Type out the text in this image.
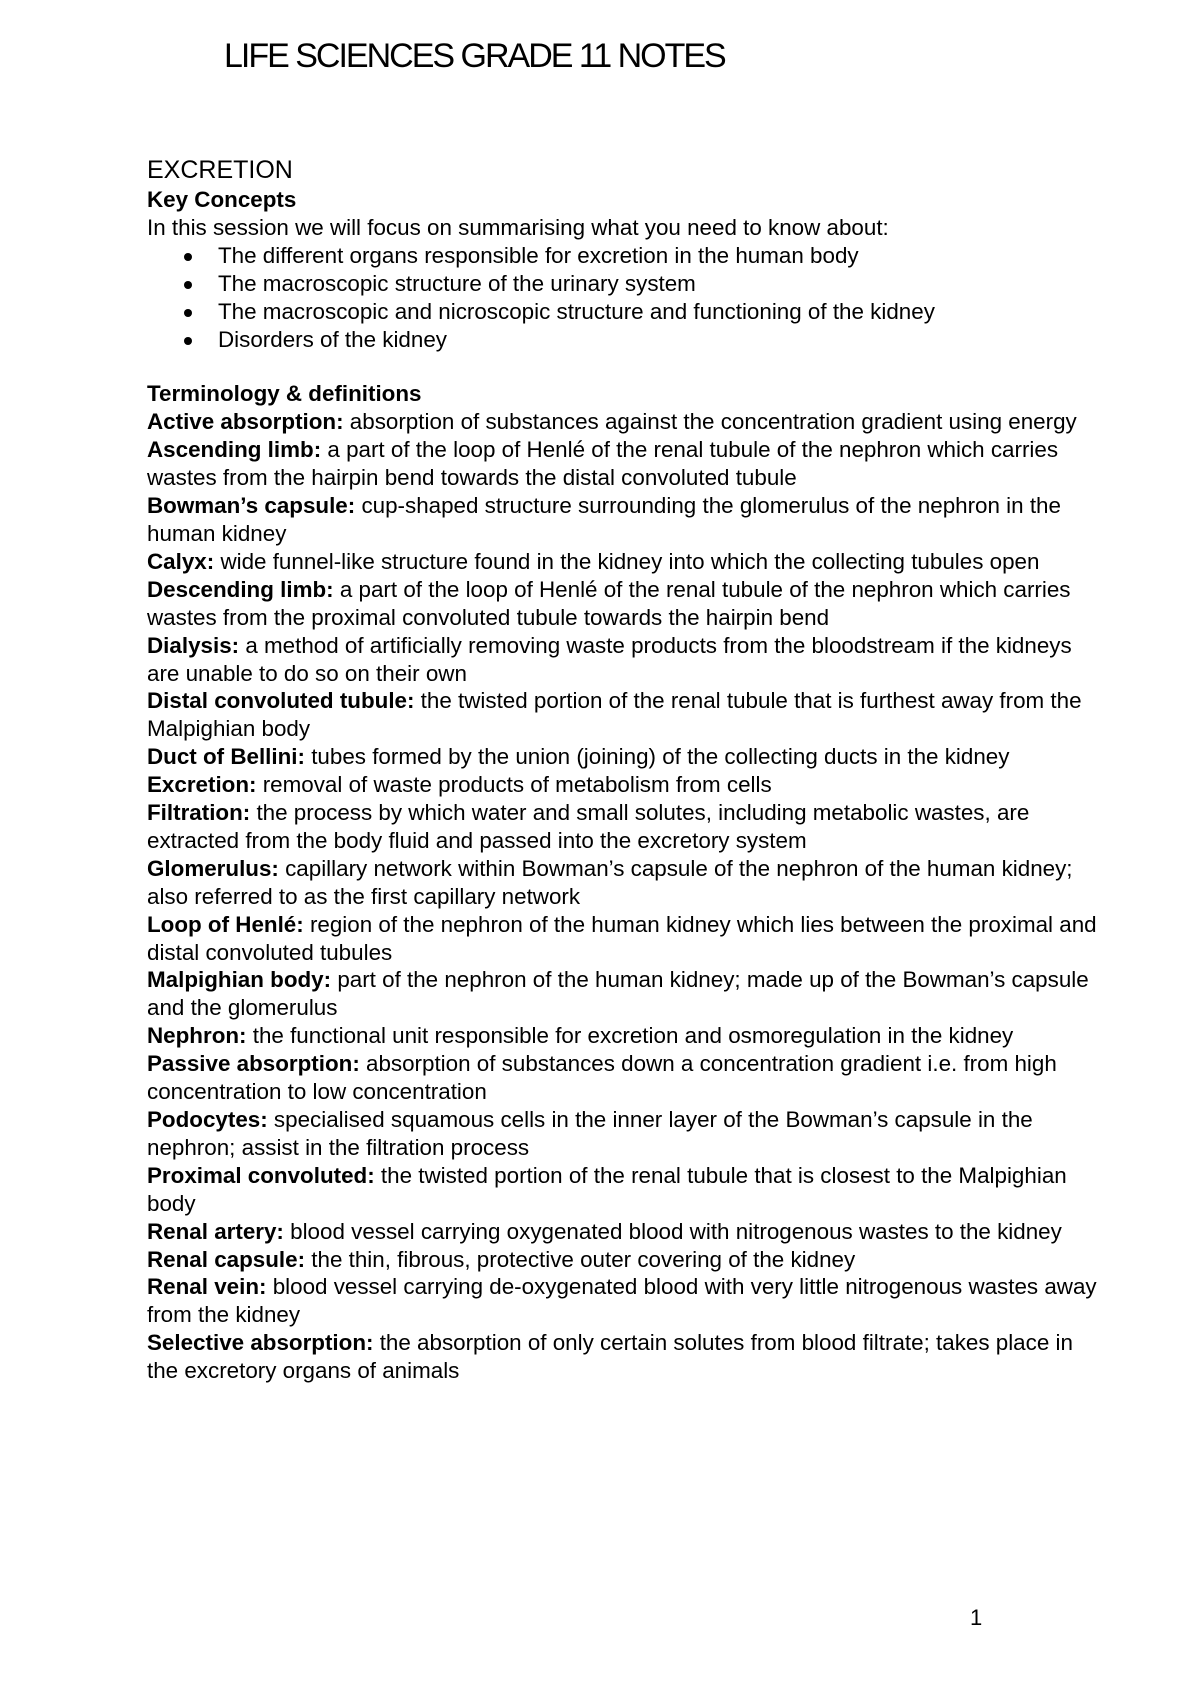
LIFE SCIENCES GRADE 11 NOTES
EXCRETION

Key Concepts

In this session we will focus on summarising what you need to know about:

The different organs responsible for excretion in the human body
The macroscopic structure of the urinary system
The macroscopic and nicroscopic structure and functioning of the kidney
Disorders of the kidney

Terminology & definitions

Active absorption: absorption of substances against the concentration gradient using energy

Ascending limb: a part of the loop of Henlé of the renal tubule of the nephron which carries wastes from the hairpin bend towards the distal convoluted tubule

Bowman’s capsule: cup-shaped structure surrounding the glomerulus of the nephron in the human kidney

Calyx: wide funnel-like structure found in the kidney into which the collecting tubules open

Descending limb: a part of the loop of Henlé of the renal tubule of the nephron which carries wastes from the proximal convoluted tubule towards the hairpin bend

Dialysis: a method of artificially removing waste products from the bloodstream if the kidneys are unable to do so on their own

Distal convoluted tubule: the twisted portion of the renal tubule that is furthest away from the Malpighian body

Duct of Bellini: tubes formed by the union (joining) of the collecting ducts in the kidney

Excretion: removal of waste products of metabolism from cells

Filtration: the process by which water and small solutes, including metabolic wastes, are extracted from the body fluid and passed into the excretory system

Glomerulus: capillary network within Bowman’s capsule of the nephron of the human kidney; also referred to as the first capillary network

Loop of Henlé: region of the nephron of the human kidney which lies between the proximal and distal convoluted tubules

Malpighian body: part of the nephron of the human kidney; made up of the Bowman’s capsule and the glomerulus

Nephron: the functional unit responsible for excretion and osmoregulation in the kidney

Passive absorption: absorption of substances down a concentration gradient i.e. from high concentration to low concentration

Podocytes: specialised squamous cells in the inner layer of the Bowman’s capsule in the nephron; assist in the filtration process

Proximal convoluted: the twisted portion of the renal tubule that is closest to the Malpighian body

Renal artery: blood vessel carrying oxygenated blood with nitrogenous wastes to the kidney

Renal capsule: the thin, fibrous, protective outer covering of the kidney

Renal vein: blood vessel carrying de-oxygenated blood with very little nitrogenous wastes away from the kidney

Selective absorption: the absorption of only certain solutes from blood filtrate; takes place in the excretory organs of animals

1
